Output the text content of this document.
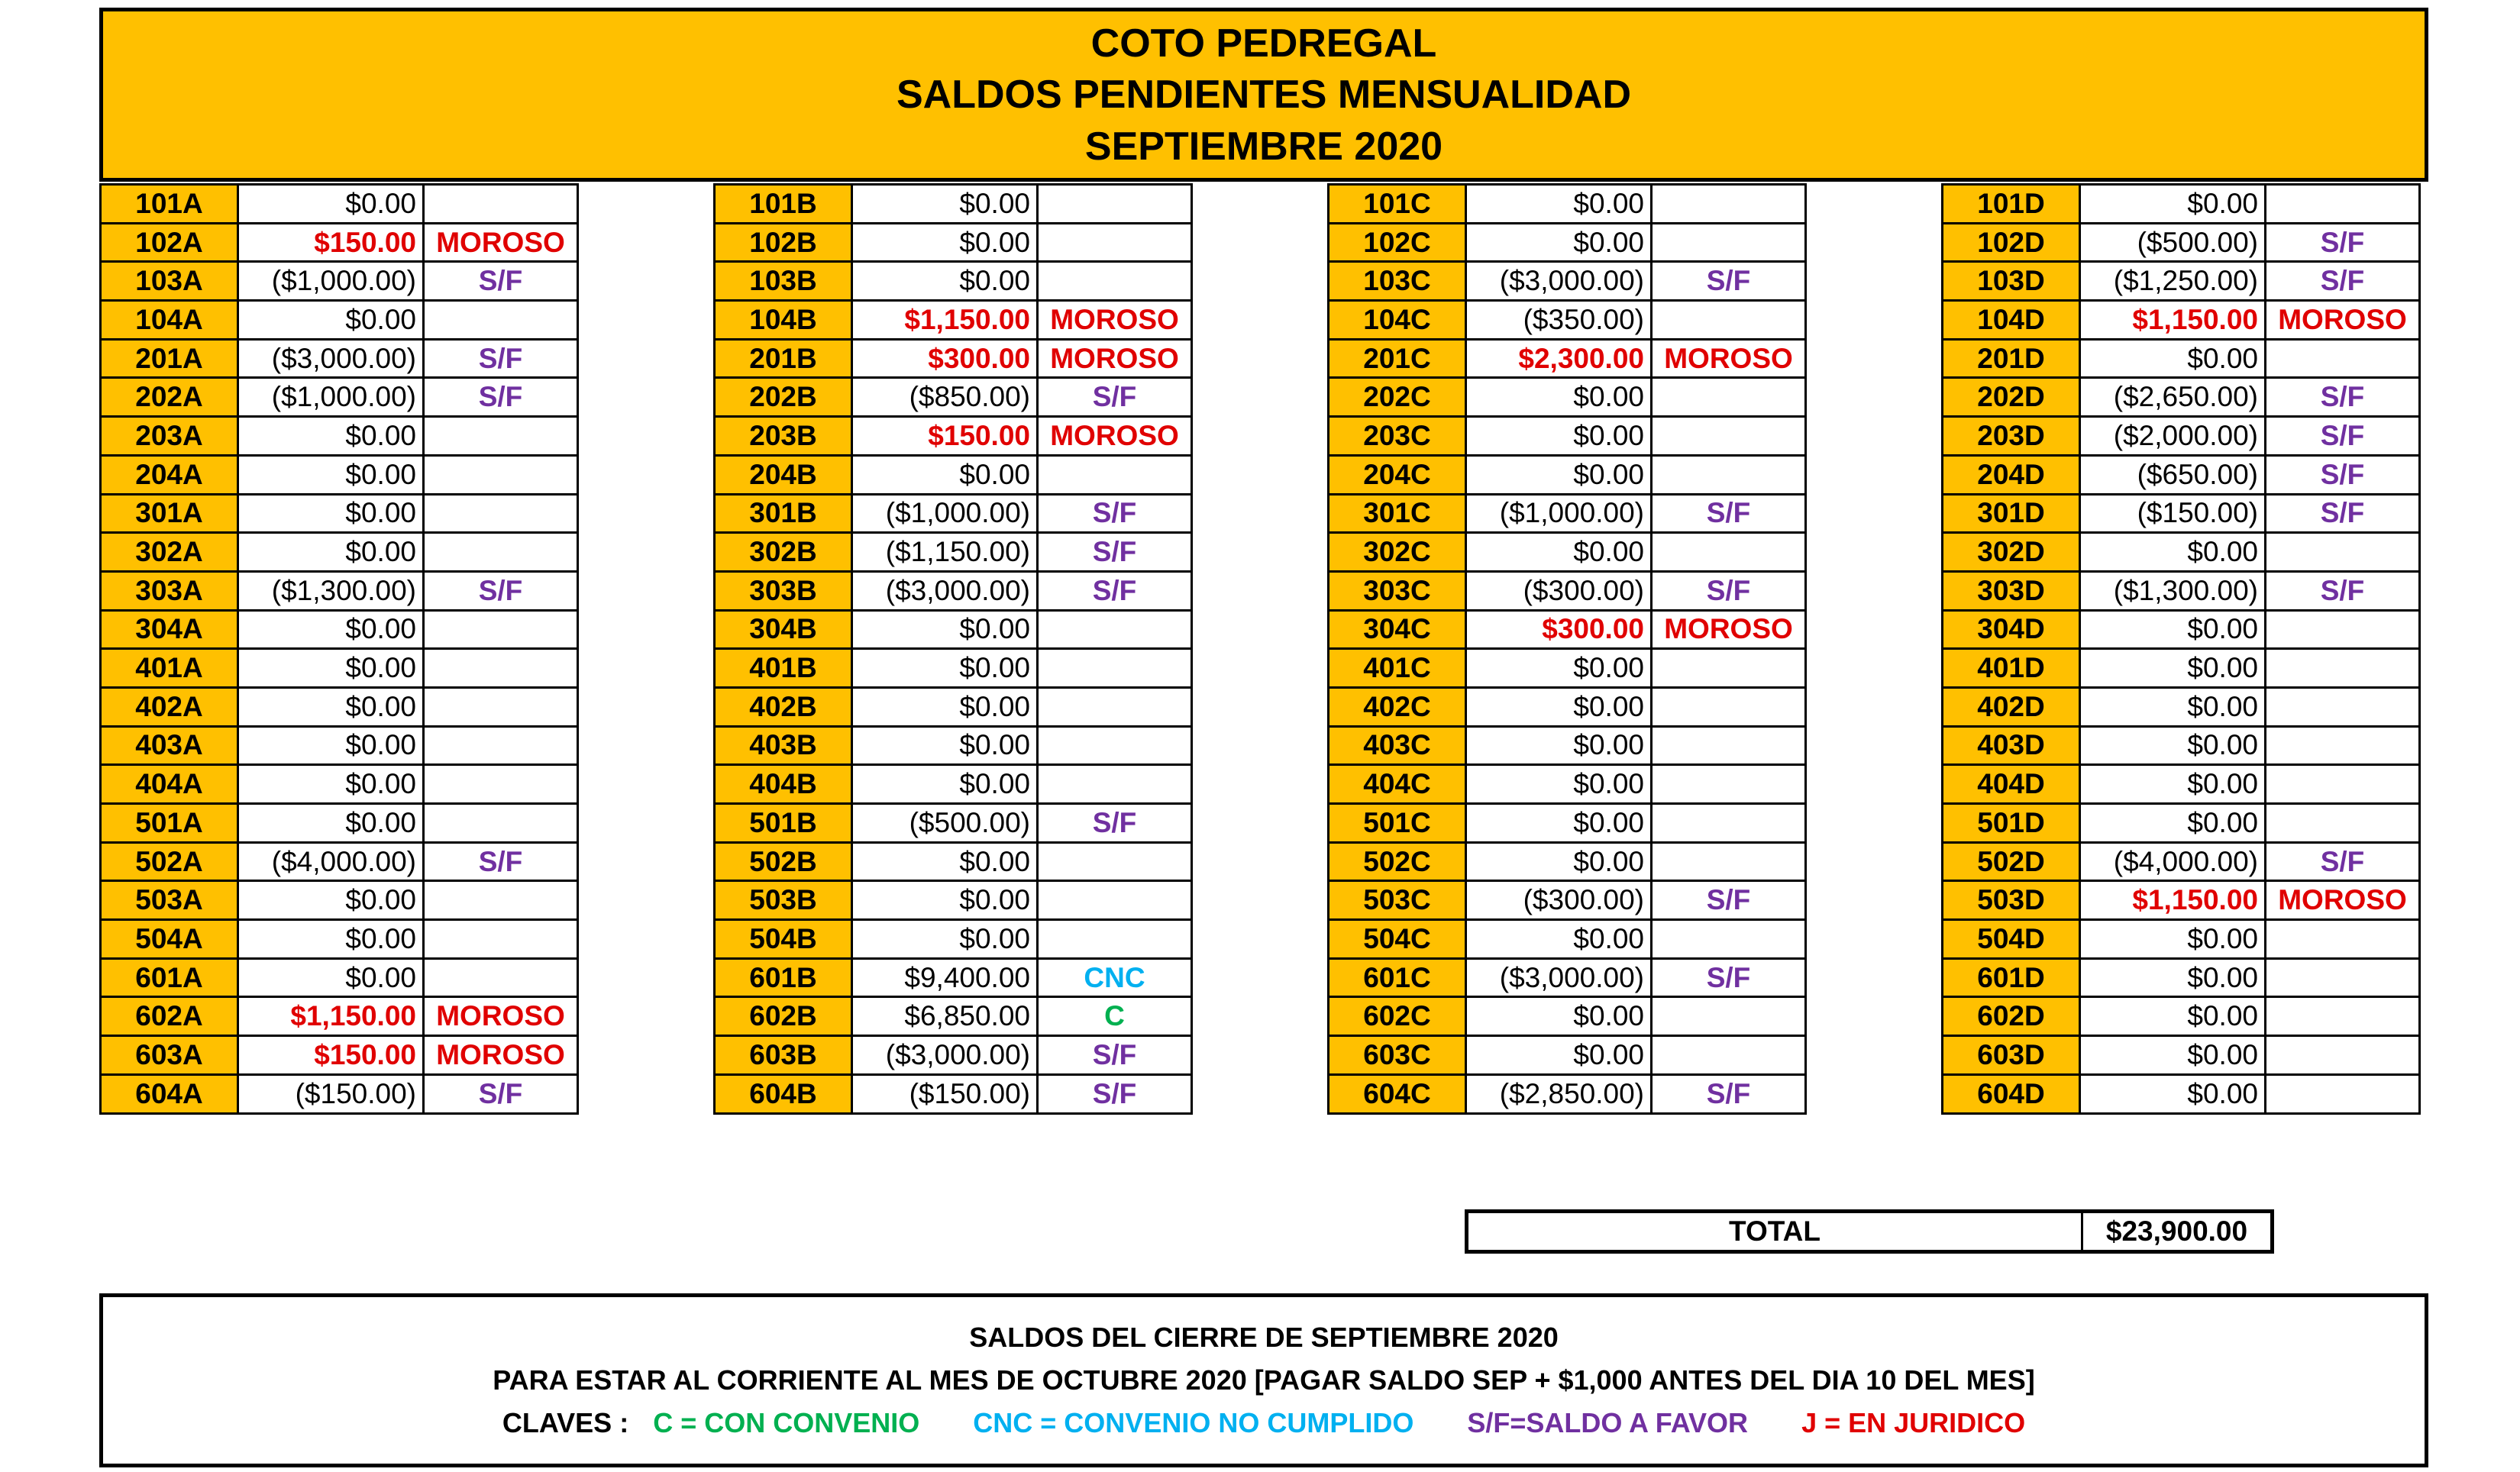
COTO PEDREGAL
SALDOS PENDIENTES MENSUALIDAD
SEPTIEMBRE 2020
101A	$0.00	
102A	$150.00	MOROSO
103A	($1,000.00)	S/F
104A	$0.00	
201A	($3,000.00)	S/F
202A	($1,000.00)	S/F
203A	$0.00	
204A	$0.00	
301A	$0.00	
302A	$0.00	
303A	($1,300.00)	S/F
304A	$0.00	
401A	$0.00	
402A	$0.00	
403A	$0.00	
404A	$0.00	
501A	$0.00	
502A	($4,000.00)	S/F
503A	$0.00	
504A	$0.00	
601A	$0.00	
602A	$1,150.00	MOROSO
603A	$150.00	MOROSO
604A	($150.00)	S/F
101B	$0.00	
102B	$0.00	
103B	$0.00	
104B	$1,150.00	MOROSO
201B	$300.00	MOROSO
202B	($850.00)	S/F
203B	$150.00	MOROSO
204B	$0.00	
301B	($1,000.00)	S/F
302B	($1,150.00)	S/F
303B	($3,000.00)	S/F
304B	$0.00	
401B	$0.00	
402B	$0.00	
403B	$0.00	
404B	$0.00	
501B	($500.00)	S/F
502B	$0.00	
503B	$0.00	
504B	$0.00	
601B	$9,400.00	CNC
602B	$6,850.00	C
603B	($3,000.00)	S/F
604B	($150.00)	S/F
101C	$0.00	
102C	$0.00	
103C	($3,000.00)	S/F
104C	($350.00)	
201C	$2,300.00	MOROSO
202C	$0.00	
203C	$0.00	
204C	$0.00	
301C	($1,000.00)	S/F
302C	$0.00	
303C	($300.00)	S/F
304C	$300.00	MOROSO
401C	$0.00	
402C	$0.00	
403C	$0.00	
404C	$0.00	
501C	$0.00	
502C	$0.00	
503C	($300.00)	S/F
504C	$0.00	
601C	($3,000.00)	S/F
602C	$0.00	
603C	$0.00	
604C	($2,850.00)	S/F
101D	$0.00	
102D	($500.00)	S/F
103D	($1,250.00)	S/F
104D	$1,150.00	MOROSO
201D	$0.00	
202D	($2,650.00)	S/F
203D	($2,000.00)	S/F
204D	($650.00)	S/F
301D	($150.00)	S/F
302D	$0.00	
303D	($1,300.00)	S/F
304D	$0.00	
401D	$0.00	
402D	$0.00	
403D	$0.00	
404D	$0.00	
501D	$0.00	
502D	($4,000.00)	S/F
503D	$1,150.00	MOROSO
504D	$0.00	
601D	$0.00	
602D	$0.00	
603D	$0.00	
604D	$0.00	
TOTAL	$23,900.00
SALDOS DEL CIERRE DE SEPTIEMBRE 2020
PARA ESTAR AL CORRIENTE AL MES DE OCTUBRE 2020 [PAGAR SALDO SEP + $1,000 ANTES DEL DIA 10 DEL MES]
CLAVES : C = CON CONVENIO CNC = CONVENIO NO CUMPLIDO S/F=SALDO A FAVOR J = EN JURIDICO
